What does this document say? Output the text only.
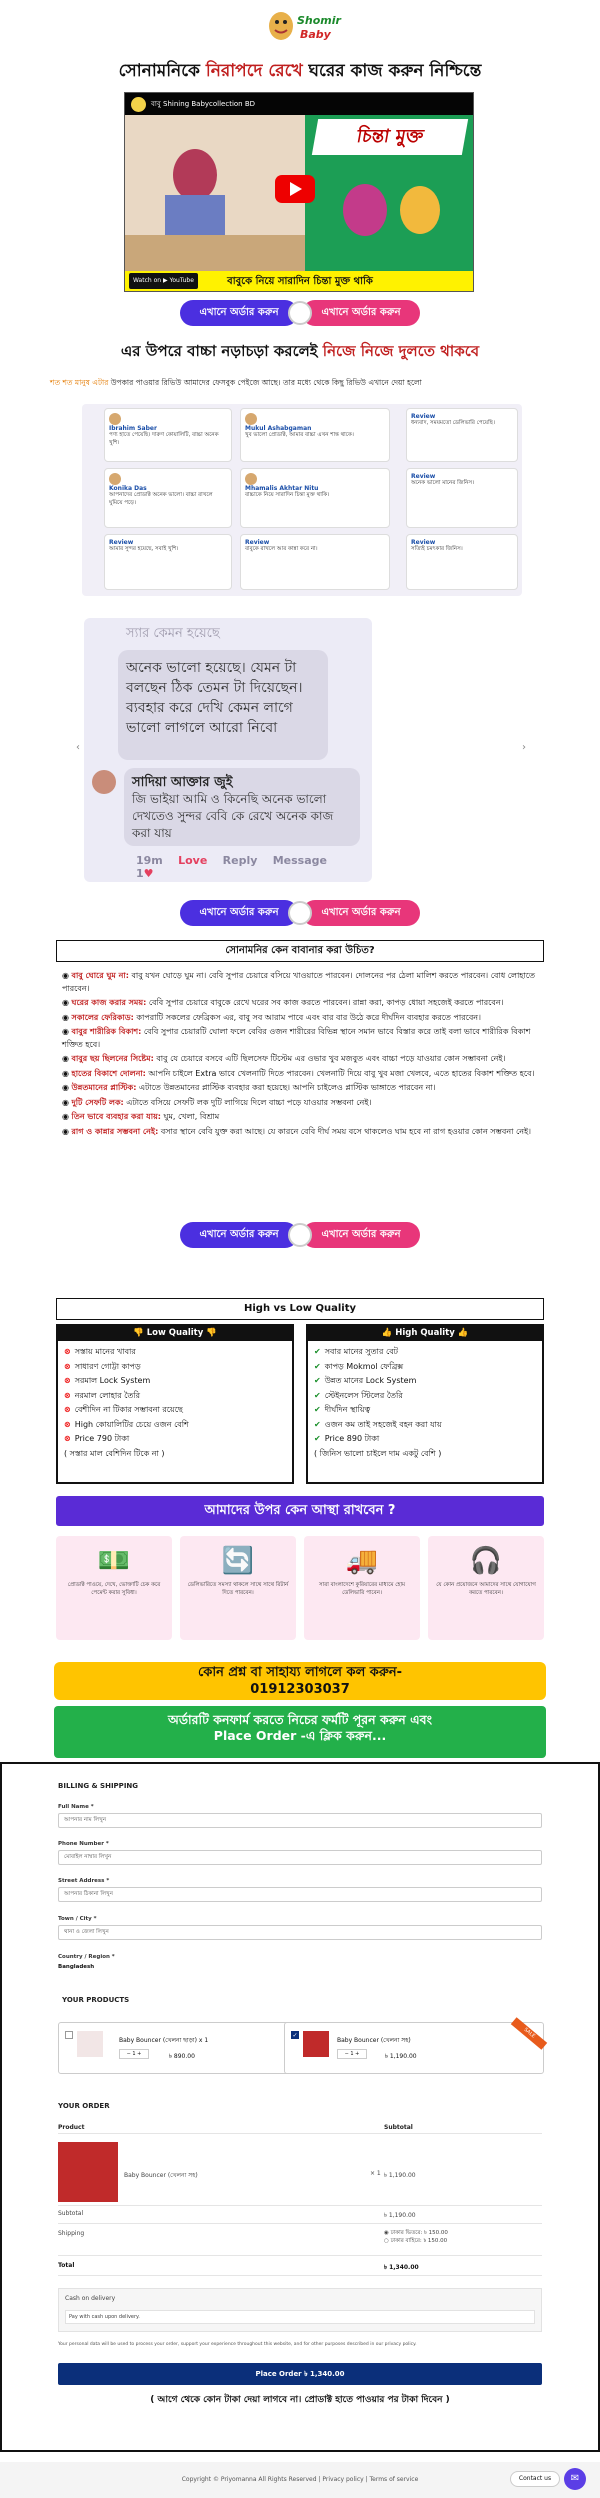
Shomir
Baby
সোনামনিকে নিরাপদে রেখে ঘরের কাজ করুন নিশ্চিন্তে
বাবু Shining Babycollection BD
চিন্তা মুক্ত
বাবুকে নিয়ে সারাদিন চিন্তা মুক্ত থাকি
Watch on ▶ YouTube
এখানে অর্ডার করুন	এখানে অর্ডার করুন
এর উপরে বাচ্চা নড়াচড়া করলেই নিজে নিজে দুলতে থাকবে
শত শত মানুষ এটার উপকার পাওয়ার রিভিউ আমাদের ফেসবুক পেইজে আছে। তার মধ্যে থেকে কিছু রিভিউ এখানে দেয়া হলো
Ibrahim Saber
পণ্য হাতে পেয়েছি। দারুণ কোয়ালিটি, বাচ্চা অনেক খুশি।
Mukul Ashabgaman
খুব ভালো প্রোডাক্ট, আমার বাচ্চা এখন শান্ত থাকে।
Review
ধন্যবাদ, সময়মতো ডেলিভারি পেয়েছি।
Konika Das
আপনাদের প্রোডাক্ট অনেক ভালো। বাচ্চা রাখলে ঘুমিয়ে পড়ে।
Mhamalis Akhtar Nitu
বাচ্চাকে নিয়ে সারাদিন চিন্তা মুক্ত থাকি।
Review
অনেক ভালো মানের জিনিস।
Review
আমার সুন্দর হয়েছে, সবাই খুশি।
Review
বাবুকে রাখলে আর কান্না করে না।
Review
সত্যিই চমৎকার জিনিস।
‹	›
স্যার কেমন হয়েছে
অনেক ভালো হয়েছে। যেমন টা বলছেন ঠিক তেমন টা দিয়েছেন। ব্যবহার করে দেখি কেমন লাগে ভালো লাগলে আরো নিবো
সাদিয়া আক্তার জুই
জি ভাইয়া আমি ও কিনেছি অনেক ভালো দেখতেও সুন্দর বেবি কে রেখে অনেক কাজ করা যায়
19m Love Reply Message      1♥
এখানে অর্ডার করুন	এখানে অর্ডার করুন
সোনামনির কেন বাবানার করা উচিত?
◉ বাবু ঘোরে ঘুম না: বাবু যখন ঘোড়ে ঘুম না। বেবি সুপার চেয়ারে বসিয়ে খাওয়াতে পারবেন। দোলনের পর ঠেলা মালিশ করতে পারবেন। বোধ লোহাতে পারবেন।
◉ ঘরের কাজ করার সময়: বেবি সুপার চেয়ারে বাবুকে রেখে ঘরের সব কাজ করতে পারবেন। রান্না করা, কাপড় ধোয়া সহজেই করতে পারবেন।
◉ সকালের ফেরিকাড: কাপরাটি সকলের ফেব্রিকস এর, বাবু সব আরাম পাবে এবং বার বার উঠে করে দীর্ঘদিন ব্যবহার করতে পারবেন।
◉ বাবুর শারীরিক বিকাশ: বেবি সুপার চেয়ারটি ঘোলা ফলে বেবির ওজন শারীরের বিভিন্ন স্থানে সমান ভাবে বিস্তার করে তাই বলা ভাবে শারীরিক বিকাশ শক্তিত হবে।
◉ বাবুর ছয় ছিলনের সিষ্টেম: বাবু যে চেয়ারে বসবে এটি ছিলসেফ টিস্টেম এর ওভার খুব মজবুত এবং বাচ্চা পড়ে যাওয়ার কোন সম্ভাবনা নেই।
◉ হাতের বিকাশে দোলনা: আপনি চাইলে Extra ভাবে খেলনাটি দিতে পারবেন। খেলনাটি দিয়ে বাবু খুব মজা খেলবে, এতে হাতের বিকাশ শক্তিত হবে।
◉ উন্নতমানের প্লাস্টিক: এটাতে উন্নতমানের প্লাস্টিক ব্যবহার করা হয়েছে। আপনি চাইলেও প্লাস্টিক ভাঙ্গাতে পারবেন না।
◉ দুটি সেফটি লক: এটাতে বসিয়ে সেফটি লক দুটি লাগিয়ে দিলে বাচ্চা পড়ে যাওয়ার সম্ভবনা নেই।
◉ তিন ভাবে ব্যবহার করা যায়: ঘুম, খেলা, বিশ্রাম
◉ রাগ ও কান্নার সম্ভবনা নেই: বসার স্থানে বেবি যুক্ত করা আছে। যে কারনে বেবি দীর্ঘ সময় বসে থাকলেও ঘাম হবে না রাগ হওয়ার কোন সম্ভবনা নেই।
এখানে অর্ডার করুন	এখানে অর্ডার করুন
High vs Low Quality
👎 Low Quality 👎
⊗ সস্তায় মানের খাবার
⊗ সাধারণ গোট্টা কাপড়
⊗ সরমাল Lock System
⊗ নরমাল লোহার তৈরি
⊗ বেশীদিন না টিকার সম্ভাবনা রয়েছে
⊗ High কোয়ালিটির চেয়ে ওজন বেশি
⊗ Price 790 টাকা
( সস্তার মাল বেশিদিন টিকে না )
👍 High Quality 👍
✔ সবার মানের সুতার বেট
✔ কাপড় Mokmol ফেব্রিক্স
✔ উন্নত মানের Lock System
✔ স্টেইনলেস স্টিলের তৈরি
✔ দীর্ঘদিন স্থায়িত্ব
✔ ওজন কম তাই সহজেই বহন করা যায়
✔ Price 890 টাকা
( জিনিস ভালো চাইলে দাম একটু বেশি )
আমাদের উপর কেন আস্থা রাখবেন ?
💵
প্রোডাক্ট পাওয়ে, দেখে, ভোক্তাটি চেক করে পেমেন্ট করার সুবিধা।
🔄
ডেলিভারিতে সমস্যা থাকলে সাথে সাথে রিটার্ন দিতে পারবেন।
🚚
সারা বাংলাদেশে কুরিয়ারের মাধ্যমে হোম ডেলিভারি পাবেন।
🎧
যে কোন প্রয়োজনে আমাদের সাথে যোগাযোগ করতে পারবেন।
কোন প্রশ্ন বা সাহায্য লাগলে কল করুন-
01912303037
অর্ডারটি কনফার্ম করতে নিচের ফর্মটি পূরন করুন এবং
Place Order -এ ক্লিক করুন...
BILLING & SHIPPING
Full Name *
আপনার নাম লিখুন
Phone Number *
মোবাইল নাম্বার লিখুন
Street Address *
আপনার ঠিকানা লিখুন
Town / City *
থানা ও জেলা লিখুন
Country / Region *
Bangladesh
YOUR PRODUCTS
Baby Bouncer (খেলনা ছাড়া) x 1
− 1 +	৳ 890.00
✓
Baby Bouncer (খেলনা সহ)
− 1 +	৳ 1,190.00
SALE
YOUR ORDER
Product	Subtotal
Baby Bouncer (খেলনা সহ)	× 1 ৳ 1,190.00
Subtotal	৳ 1,190.00
Shipping	◉ ঢাকার ভিতরে: ৳ 150.00
○ ঢাকার বাহিরে: ৳ 150.00
Total	৳ 1,340.00
Cash on delivery
Pay with cash upon delivery.
Your personal data will be used to process your order, support your experience throughout this website, and for other purposes described in our privacy policy.
Place Order ৳ 1,340.00
( আগে থেকে কোন টাকা দেয়া লাগবে না। প্রোডাক্ট হাতে পাওয়ার পর টাকা দিবেন )
Copyright © Priyomanna All Rights Reserved | Privacy policy | Terms of service	Contact us	✉
